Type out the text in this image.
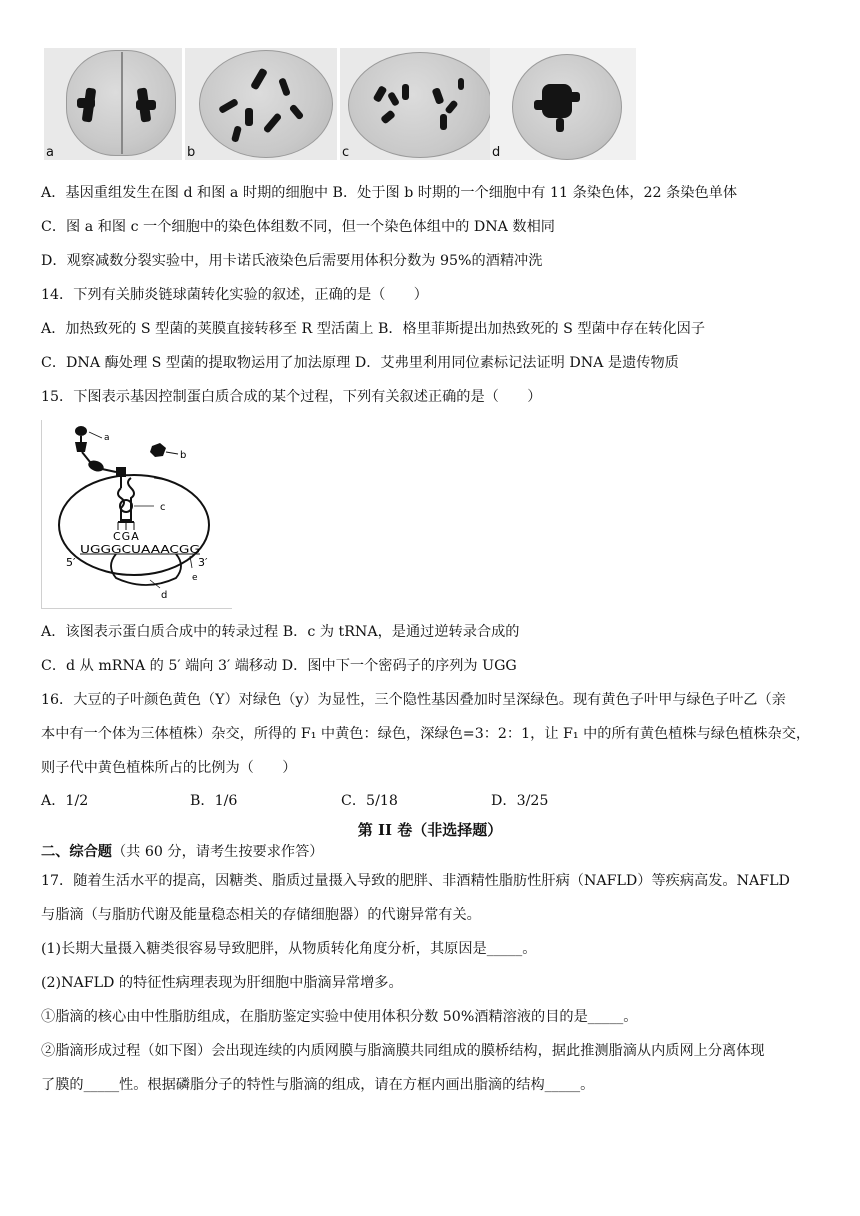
a	b	c	d
A．基因重组发生在图 d 和图 a 时期的细胞中 B．处于图 b 时期的一个细胞中有 11 条染色体，22 条染色单体
C．图 a 和图 c 一个细胞中的染色体组数不同，但一个染色体组中的 DNA 数相同
D．观察减数分裂实验中，用卡诺氏液染色后需要用体积分数为 95%的酒精冲洗
14．下列有关肺炎链球菌转化实验的叙述，正确的是（　　）
A．加热致死的 S 型菌的荚膜直接转移至 R 型活菌上 B．格里菲斯提出加热致死的 S 型菌中存在转化因子
C．DNA 酶处理 S 型菌的提取物运用了加法原理 D．艾弗里利用同位素标记法证明 DNA 是遗传物质
15．下图表示基因控制蛋白质合成的某个过程，下列有关叙述正确的是（　　）
a
b
c
d
e
CGA
UGGGCUAAACGG
5′	3′
A．该图表示蛋白质合成中的转录过程 B．c 为 tRNA，是通过逆转录合成的
C．d 从 mRNA 的 5′ 端向 3′ 端移动 D．图中下一个密码子的序列为 UGG
16．大豆的子叶颜色黄色（Y）对绿色（y）为显性，三个隐性基因叠加时呈深绿色。现有黄色子叶甲与绿色子叶乙（亲
本中有一个体为三体植株）杂交，所得的 F₁ 中黄色：绿色，深绿色=3：2：1，让 F₁ 中的所有黄色植株与绿色植株杂交，
则子代中黄色植株所占的比例为（　　）
A．1/2	B．1/6	C．5/18	D．3/25
第 II 卷（非选择题）
二、综合题（共 60 分，请考生按要求作答）
17．随着生活水平的提高，因糖类、脂质过量摄入导致的肥胖、非酒精性脂肪性肝病（NAFLD）等疾病高发。NAFLD
与脂滴（与脂肪代谢及能量稳态相关的存储细胞器）的代谢异常有关。
(1)长期大量摄入糖类很容易导致肥胖，从物质转化角度分析，其原因是_____。
(2)NAFLD 的特征性病理表现为肝细胞中脂滴异常增多。
①脂滴的核心由中性脂肪组成，在脂肪鉴定实验中使用体积分数 50%酒精溶液的目的是_____。
②脂滴形成过程（如下图）会出现连续的内质网膜与脂滴膜共同组成的膜桥结构，据此推测脂滴从内质网上分离体现
了膜的_____性。根据磷脂分子的特性与脂滴的组成，请在方框内画出脂滴的结构_____。
